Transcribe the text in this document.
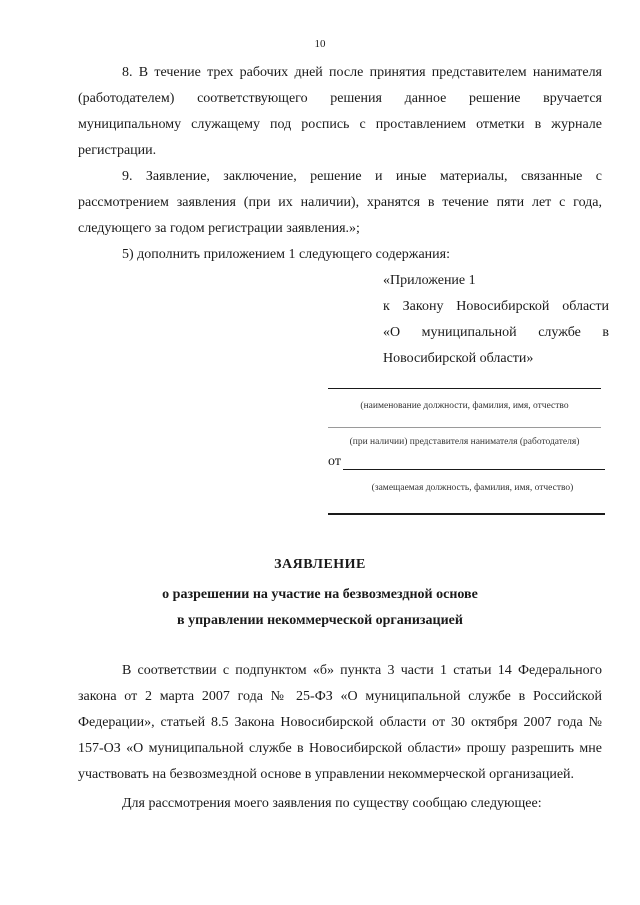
10

8. В течение трех рабочих дней после принятия представителем нанимателя (работодателем) соответствующего решения данное решение вручается муниципальному служащему под роспись с проставлением отметки в журнале регистрации.

9. Заявление, заключение, решение и иные материалы, связанные с рассмотрением заявления (при их наличии), хранятся в течение пяти лет с года, следующего за годом регистрации заявления.»;

5) дополнить приложением 1 следующего содержания:

«Приложение 1
к Закону Новосибирской области
«О муниципальной службе в
Новосибирской области»
(наименование должности, фамилия, имя, отчество
(при наличии) представителя нанимателя (работодателя)
от
(замещаемая должность, фамилия, имя, отчество)
ЗАЯВЛЕНИЕ
о разрешении на участие на безвозмездной основе
в управлении некоммерческой организацией

В соответствии с подпунктом «б» пункта 3 части 1 статьи 14 Федерального закона от 2 марта 2007 года № 25-ФЗ «О муниципальной службе в Российской Федерации», статьей 8.5 Закона Новосибирской области от 30 октября 2007 года № 157-ОЗ «О муниципальной службе в Новосибирской области» прошу разрешить мне участвовать на безвозмездной основе в управлении некоммерческой организацией.

Для рассмотрения моего заявления по существу сообщаю следующее:
